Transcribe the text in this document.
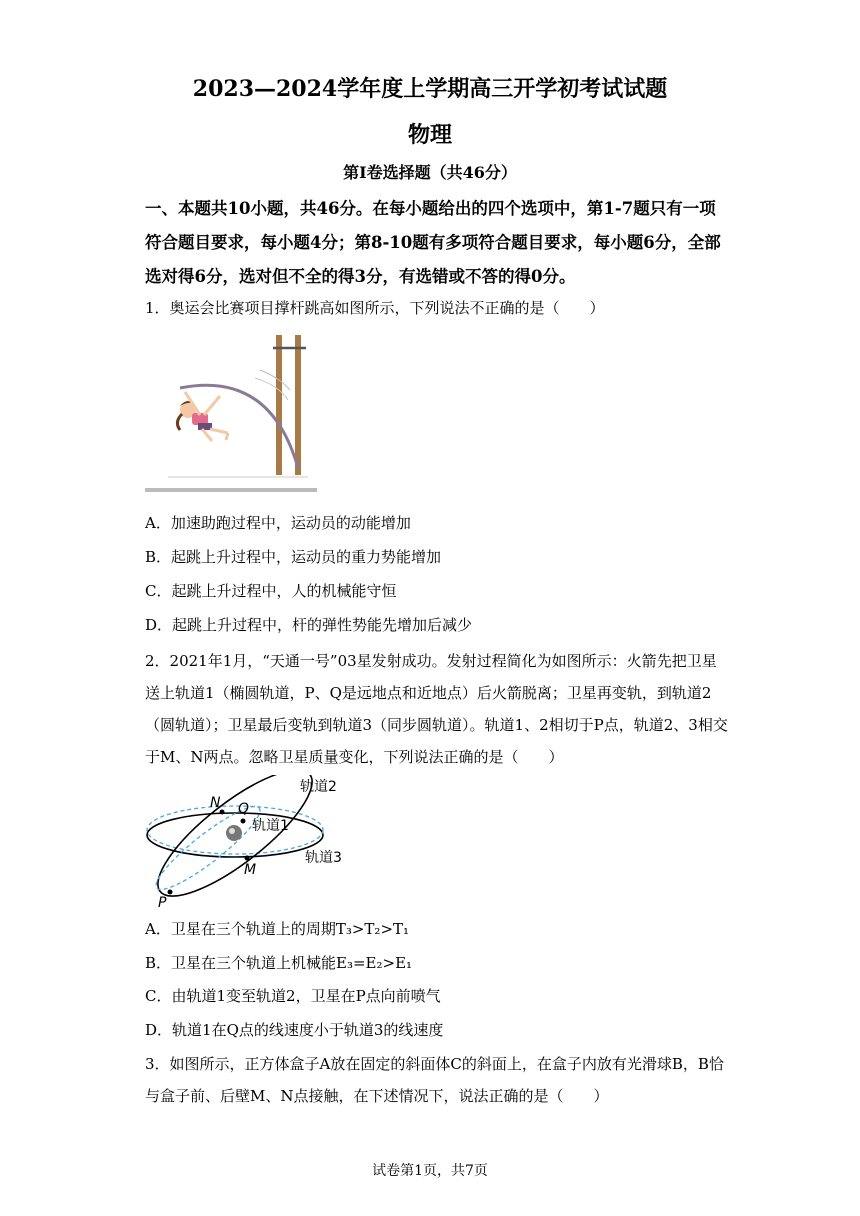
2023—2024学年度上学期高三开学初考试试题
物理
第Ⅰ卷选择题（共46分）
一、本题共10小题，共46分。在每小题给出的四个选项中，第1-7题只有一项符合题目要求，每小题4分；第8-10题有多项符合题目要求，每小题6分，全部选对得6分，选对但不全的得3分，有选错或不答的得0分。
1．奥运会比赛项目撑杆跳高如图所示，下列说法不正确的是（　　）
A．加速助跑过程中，运动员的动能增加
B．起跳上升过程中，运动员的重力势能增加
C．起跳上升过程中，人的机械能守恒
D．起跳上升过程中，杆的弹性势能先增加后减少
2．2021年1月，“天通一号”03星发射成功。发射过程简化为如图所示：火箭先把卫星送上轨道1（椭圆轨道，P、Q是远地点和近地点）后火箭脱离；卫星再变轨，到轨道2（圆轨道）；卫星最后变轨到轨道3（同步圆轨道）。轨道1、2相切于P点，轨道2、3相交于M、N两点。忽略卫星质量变化，下列说法正确的是（　　）
轨道2
轨道1
轨道3
N Q
M
P
A．卫星在三个轨道上的周期T₃>T₂>T₁
B．卫星在三个轨道上机械能E₃=E₂>E₁
C．由轨道1变至轨道2，卫星在P点向前喷气
D．轨道1在Q点的线速度小于轨道3的线速度
3．如图所示，正方体盒子A放在固定的斜面体C的斜面上，在盒子内放有光滑球B，B恰与盒子前、后壁M、N点接触，在下述情况下，说法正确的是（　　）
试卷第1页，共7页
